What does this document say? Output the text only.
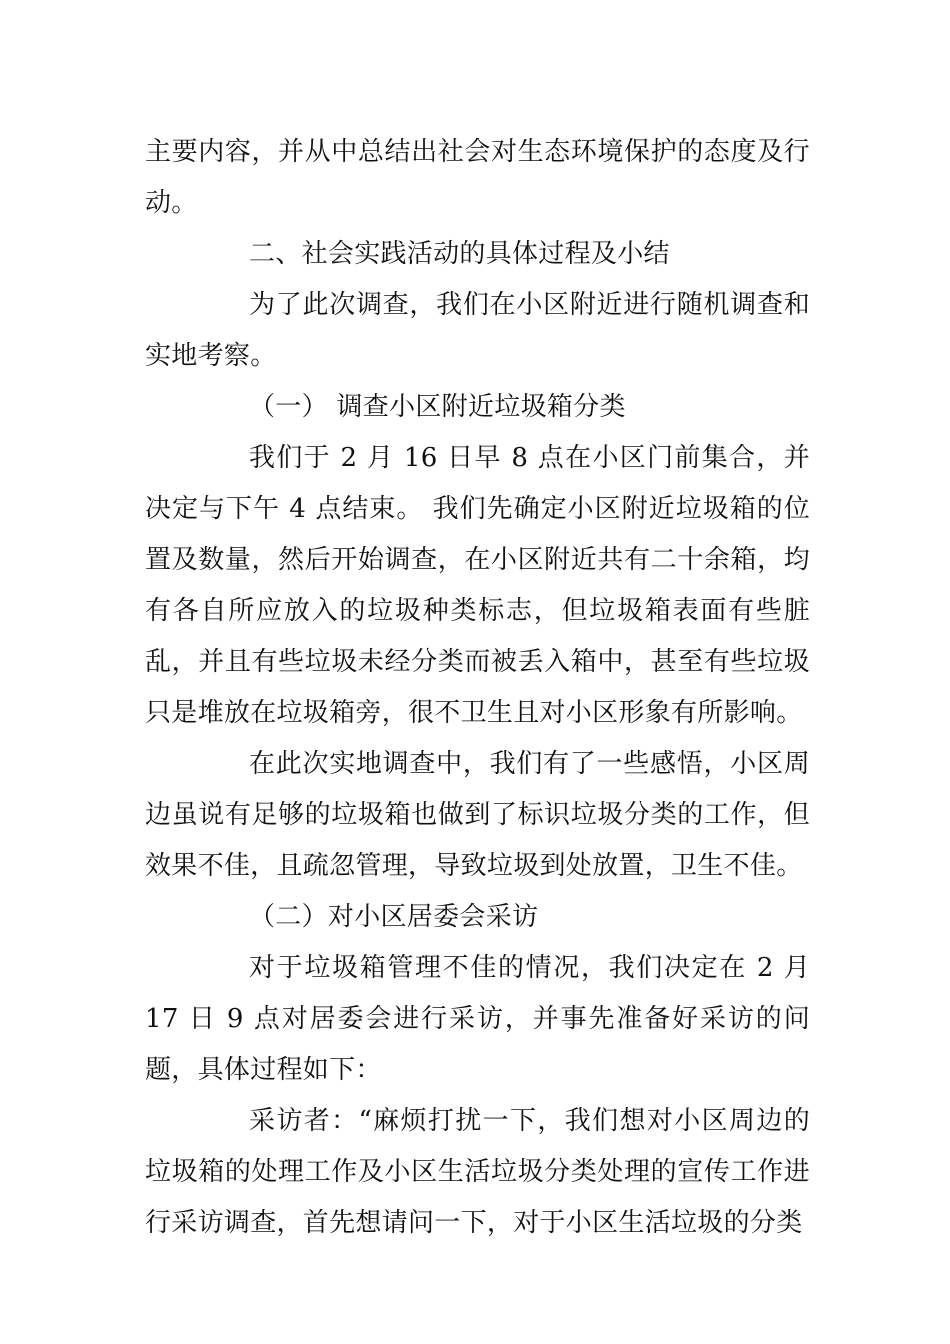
主要内容，并从中总结出社会对生态环境保护的态度及行动。

二、社会实践活动的具体过程及小结

为了此次调查，我们在小区附近进行随机调查和实地考察。

（一） 调查小区附近垃圾箱分类

我们于 2 月 16 日早 8 点在小区门前集合，并决定与下午 4 点结束。 我们先确定小区附近垃圾箱的位置及数量，然后开始调查，在小区附近共有二十余箱，均有各自所应放入的垃圾种类标志，但垃圾箱表面有些脏乱，并且有些垃圾未经分类而被丢入箱中，甚至有些垃圾只是堆放在垃圾箱旁，很不卫生且对小区形象有所影响。

在此次实地调查中，我们有了一些感悟，小区周边虽说有足够的垃圾箱也做到了标识垃圾分类的工作，但效果不佳，且疏忽管理，导致垃圾到处放置，卫生不佳。

（二）对小区居委会采访

对于垃圾箱管理不佳的情况，我们决定在 2 月 17 日 9 点对居委会进行采访，并事先准备好采访的问题，具体过程如下：

采访者：“麻烦打扰一下，我们想对小区周边的垃圾箱的处理工作及小区生活垃圾分类处理的宣传工作进行采访调查，首先想请问一下，对于小区生活垃圾的分类
